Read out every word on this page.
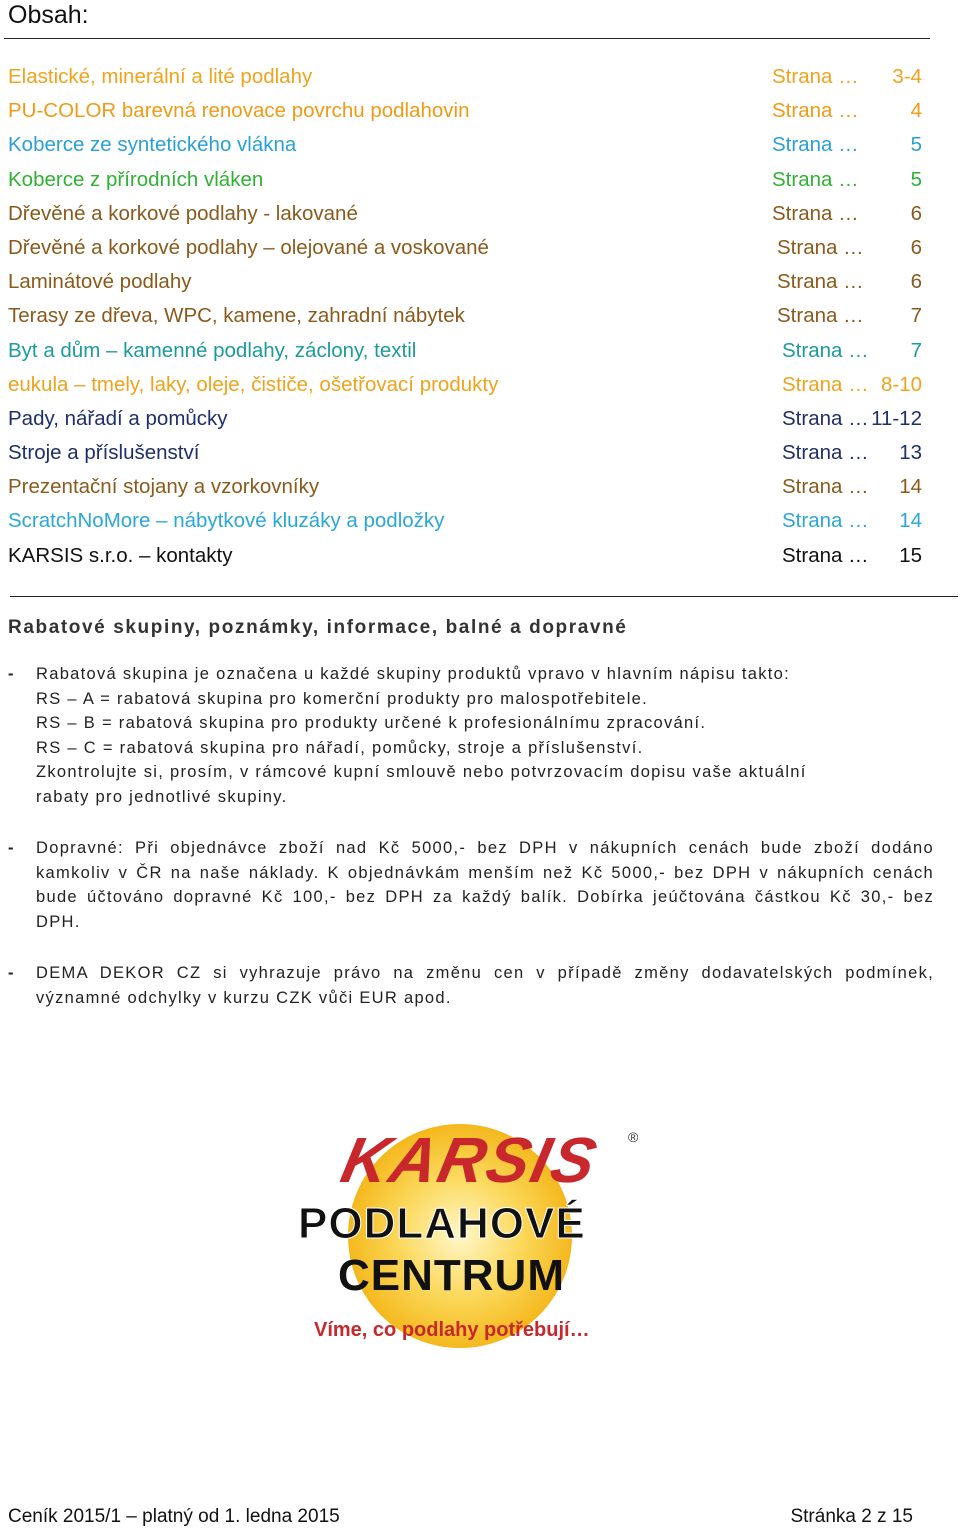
Obsah:
Elastické, minerální a lité podlahy	Strana … 3-4
PU-COLOR barevná renovace povrchu podlahovin	Strana …	4
Koberce ze syntetického vlákna	Strana …	5
Koberce z přírodních vláken	Strana …	5
Dřevěné a korkové podlahy - lakované	Strana …	6
Dřevěné a korkové podlahy – olejované a voskované	Strana … 6
Laminátové podlahy	Strana … 6
Terasy ze dřeva, WPC, kamene, zahradní nábytek	Strana … 7
Byt a dům – kamenné podlahy, záclony, textil	Strana … 7
eukula – tmely, laky, oleje, čističe, ošetřovací produkty	Strana … 8-10
Pady, nářadí a pomůcky	Strana … 11-12
Stroje a příslušenství	Strana … 13
Prezentační stojany a vzorkovníky	Strana … 14
ScratchNoMore – nábytkové kluzáky a podložky	Strana … 14
KARSIS s.r.o. – kontakty	Strana … 15
Rabatové skupiny, poznámky, informace, balné a dopravné
-	Rabatová skupina je označena u každé skupiny produktů vpravo v hlavním nápisu takto:
RS – A = rabatová skupina pro komerční produkty pro malospotřebitele.
RS – B = rabatová skupina pro produkty určené k profesionálnímu zpracování.
RS – C = rabatová skupina pro nářadí, pomůcky, stroje a příslušenství.
Zkontrolujte si, prosím, v rámcové kupní smlouvě nebo potvrzovacím dopisu vaše aktuální
rabaty pro jednotlivé skupiny.
-	Dopravné: Při objednávce zboží nad Kč 5000,- bez DPH v nákupních cenách bude zboží dodáno kamkoliv v ČR na naše náklady. K objednávkám menším než Kč 5000,- bez DPH v nákupních cenách bude účtováno dopravné Kč 100,- bez DPH za každý balík. Dobírka jeúčtována částkou Kč 30,- bez DPH.
-	DEMA DEKOR CZ si vyhrazuje právo na změnu cen v případě změny dodavatelských podmínek, významné odchylky v kurzu CZK vůči EUR apod.
KARSIS ®
PODLAHOVÉ
CENTRUM
Víme, co podlahy potřebují…
Ceník 2015/1 – platný od 1. ledna 2015	Stránka 2 z 15
